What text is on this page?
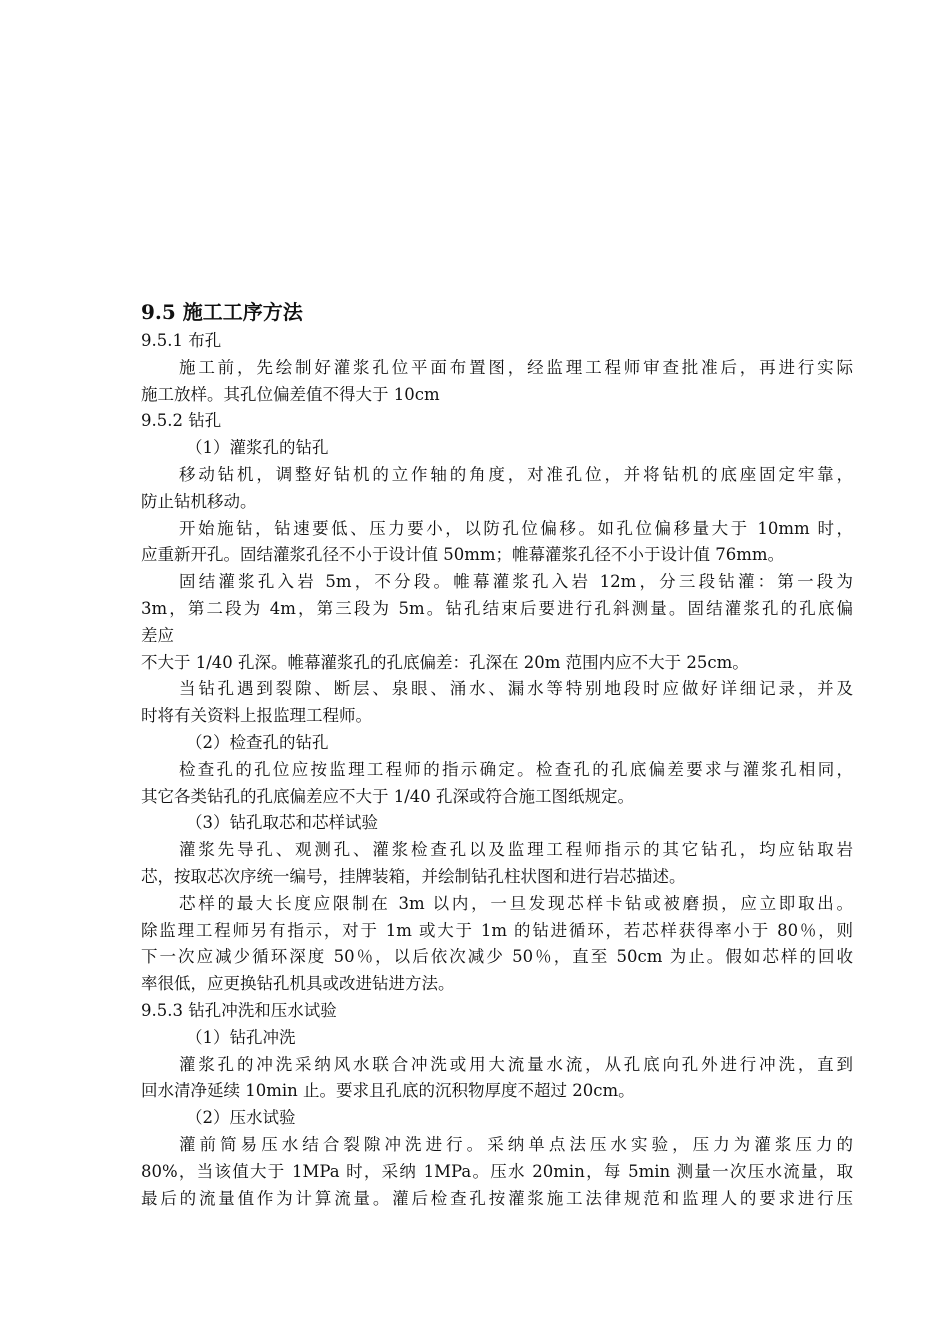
9.5 施工工序方法
9.5.1 布孔
施工前，先绘制好灌浆孔位平面布置图，经监理工程师审查批准后，再进行实际
施工放样。其孔位偏差值不得大于 10cm
9.5.2 钻孔
（1）灌浆孔的钻孔
移动钻机，调整好钻机的立作轴的角度，对准孔位，并将钻机的底座固定牢靠，
防止钻机移动。
开始施钻，钻速要低、压力要小，以防孔位偏移。如孔位偏移量大于 10mm 时，
应重新开孔。固结灌浆孔径不小于设计值 50mm；帷幕灌浆孔径不小于设计值 76mm。
固结灌浆孔入岩 5m，不分段。帷幕灌浆孔入岩 12m，分三段钻灌：第一段为
3m，第二段为 4m，第三段为 5m。钻孔结束后要进行孔斜测量。固结灌浆孔的孔底偏
差应
不大于 1/40 孔深。帷幕灌浆孔的孔底偏差：孔深在 20m 范围内应不大于 25cm。
当钻孔遇到裂隙、断层、泉眼、涌水、漏水等特别地段时应做好详细记录，并及
时将有关资料上报监理工程师。
（2）检查孔的钻孔
检查孔的孔位应按监理工程师的指示确定。检查孔的孔底偏差要求与灌浆孔相同，
其它各类钻孔的孔底偏差应不大于 1/40 孔深或符合施工图纸规定。
（3）钻孔取芯和芯样试验
灌浆先导孔、观测孔、灌浆检查孔以及监理工程师指示的其它钻孔，均应钻取岩
芯，按取芯次序统一编号，挂牌装箱，并绘制钻孔柱状图和进行岩芯描述。
芯样的最大长度应限制在 3m 以内，一旦发现芯样卡钻或被磨损，应立即取出。
除监理工程师另有指示，对于 1m 或大于 1m 的钻进循环，若芯样获得率小于 80％，则
下一次应减少循环深度 50％，以后依次减少 50％，直至 50cm 为止。假如芯样的回收
率很低，应更换钻孔机具或改进钻进方法。
9.5.3 钻孔冲洗和压水试验
（1）钻孔冲洗
灌浆孔的冲洗采纳风水联合冲洗或用大流量水流，从孔底向孔外进行冲洗，直到
回水清净延续 10min 止。要求且孔底的沉积物厚度不超过 20cm。
（2）压水试验
灌前简易压水结合裂隙冲洗进行。采纳单点法压水实验，压力为灌浆压力的
80%，当该值大于 1MPa 时，采纳 1MPa。压水 20min，每 5min 测量一次压水流量，取
最后的流量值作为计算流量。灌后检查孔按灌浆施工法律规范和监理人的要求进行压
